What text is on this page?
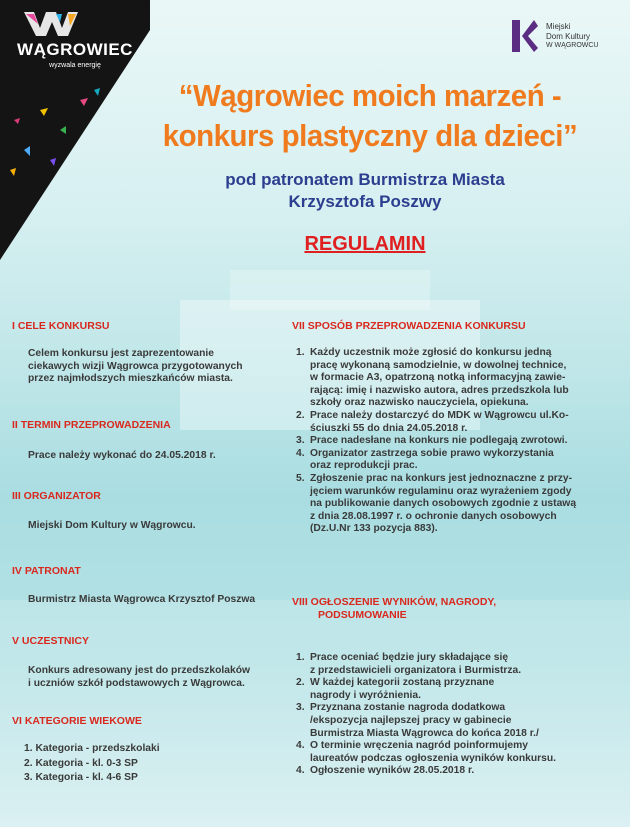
WĄGROWIEC
wyzwala energię
Miejski
Dom Kultury
W WĄGROWCU
“Wągrowiec moich marzeń -
konkurs plastyczny dla dzieci”
pod patronatem Burmistrza Miasta
Krzysztofa Poszwy
REGULAMIN
I CELE KONKURSU
Celem konkursu jest zaprezentowanie
ciekawych wizji Wągrowca przygotowanych
przez najmłodszych mieszkańców miasta.
II TERMIN PRZEPROWADZENIA
Prace należy wykonać do 24.05.2018 r.
III ORGANIZATOR
Miejski Dom Kultury w Wągrowcu.
IV PATRONAT
Burmistrz Miasta Wągrowca Krzysztof Poszwa
V UCZESTNICY
Konkurs adresowany jest do przedszkolaków
i uczniów szkół podstawowych z Wągrowca.
VI KATEGORIE WIEKOWE
1. Kategoria - przedszkolaki
2. Kategoria - kl. 0-3 SP
3. Kategoria - kl. 4-6 SP
VII SPOSÓB PRZEPROWADZENIA KONKURSU
1. Każdy uczestnik może zgłosić do konkursu jedną
pracę wykonaną samodzielnie, w dowolnej technice,
w formacie A3, opatrzoną notką informacyjną zawie-
rającą: imię i nazwisko autora, adres przedszkola lub
szkoły oraz nazwisko nauczyciela, opiekuna.
2. Prace należy dostarczyć do MDK w Wągrowcu ul.Ko-
ściuszki 55 do dnia 24.05.2018 r.
3. Prace nadesłane na konkurs nie podlegają zwrotowi.
4. Organizator zastrzega sobie prawo wykorzystania
oraz reprodukcji prac.
5. Zgłoszenie prac na konkurs jest jednoznaczne z przy-
jęciem warunków regulaminu oraz wyrażeniem zgody
na publikowanie danych osobowych zgodnie z ustawą
z dnia 28.08.1997 r. o ochronie danych osobowych
(Dz.U.Nr 133 pozycja 883).
VIII OGŁOSZENIE WYNIKÓW, NAGRODY,
PODSUMOWANIE
1. Prace oceniać będzie jury składające się
z przedstawicieli organizatora i Burmistrza.
2. W każdej kategorii zostaną przyznane
nagrody i wyróżnienia.
3. Przyznana zostanie nagroda dodatkowa
/ekspozycja najlepszej pracy w gabinecie
Burmistrza Miasta Wągrowca do końca 2018 r./
4. O terminie wręczenia nagród poinformujemy
laureatów podczas ogłoszenia wyników konkursu.
4. Ogłoszenie wyników 28.05.2018 r.
